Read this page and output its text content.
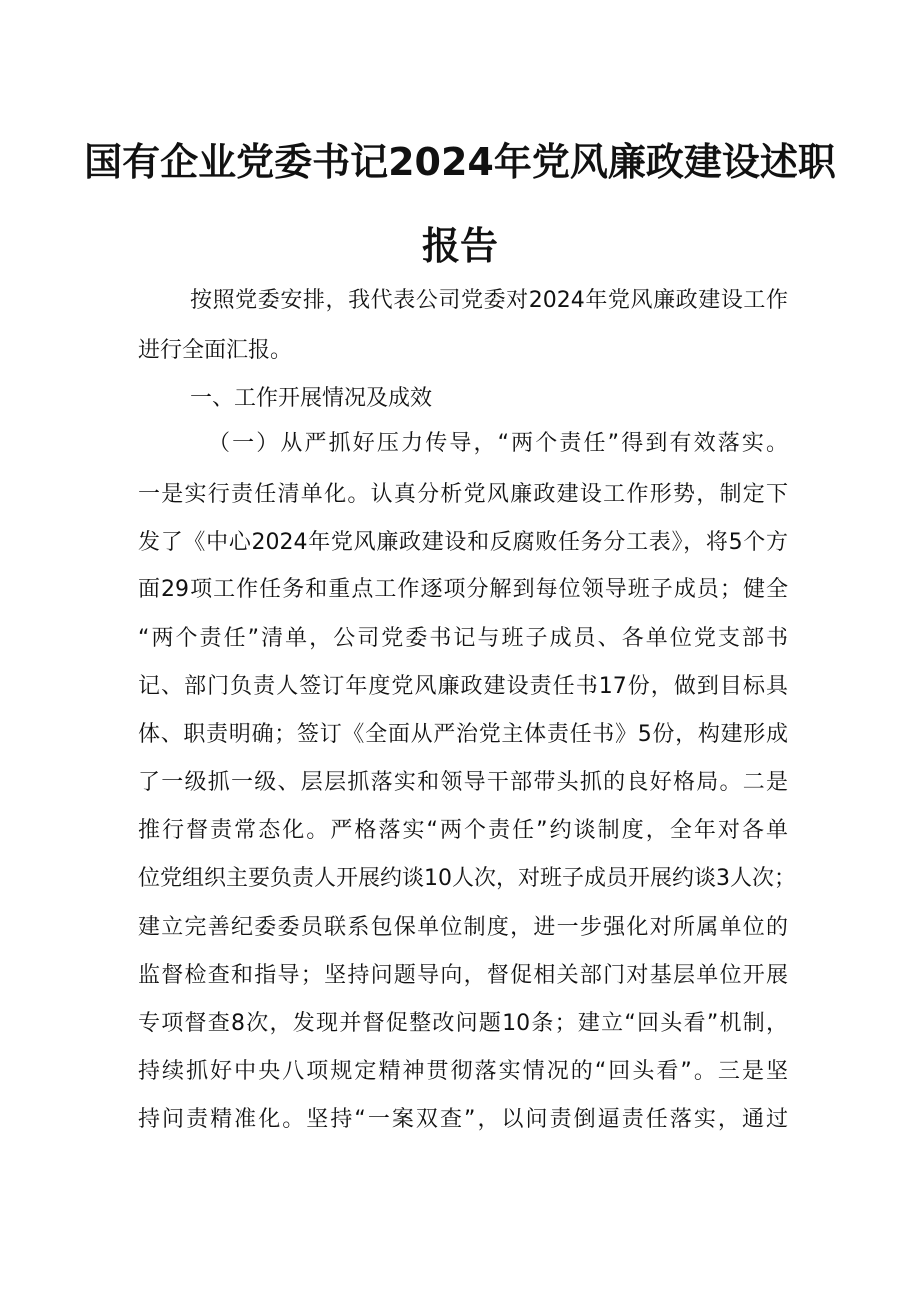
国有企业党委书记2024年党风廉政建设述职
报告
按照党委安排，我代表公司党委对2024年党风廉政建设工作
进行全面汇报。
一、工作开展情况及成效
（一）从严抓好压力传导，“两个责任”得到有效落实。
一是实行责任清单化。认真分析党风廉政建设工作形势，制定下
发了《中心2024年党风廉政建设和反腐败任务分工表》，将5个方
面29项工作任务和重点工作逐项分解到每位领导班子成员；健全
“两个责任”清单，公司党委书记与班子成员、各单位党支部书
记、部门负责人签订年度党风廉政建设责任书17份，做到目标具
体、职责明确；签订《全面从严治党主体责任书》5份，构建形成
了一级抓一级、层层抓落实和领导干部带头抓的良好格局。二是
推行督责常态化。严格落实“两个责任”约谈制度，全年对各单
位党组织主要负责人开展约谈10人次，对班子成员开展约谈3人次；
建立完善纪委委员联系包保单位制度，进一步强化对所属单位的
监督检查和指导；坚持问题导向，督促相关部门对基层单位开展
专项督查8次，发现并督促整改问题10条；建立“回头看”机制，
持续抓好中央八项规定精神贯彻落实情况的“回头看”。三是坚
持问责精准化。坚持“一案双查”，以问责倒逼责任落实，通过
